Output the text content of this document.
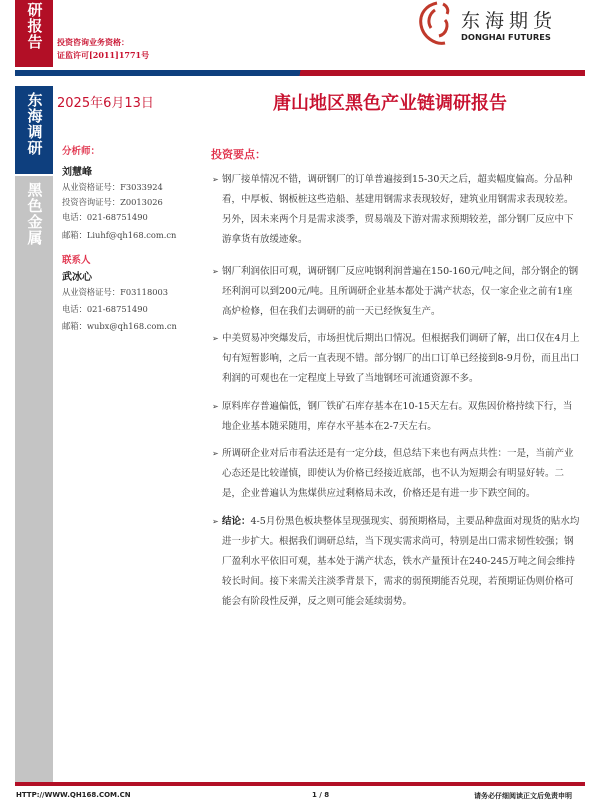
研报告
东海调研
黑色金属
投资咨询业务资格：
证监许可[2011]1771号
东海期货
DONGHAI FUTURES
2025年6月13日	唐山地区黑色产业链调研报告
分析师：
刘慧峰
从业资格证号：F3033924
投资咨询证号：Z0013026
电话：021-68751490
邮箱：Liuhf@qh168.com.cn
联系人
武冰心
从业资格证号：F03118003
电话：021-68751490
邮箱：wubx@qh168.com.cn
投资要点：
➢ 钢厂接单情况不错，调研钢厂的订单普遍接到15-30天之后，超卖幅度偏高。分品种看，中厚板、钢板桩这些造船、基建用钢需求表现较好，建筑业用钢需求表现较差。另外，因未来两个月是需求淡季，贸易端及下游对需求预期较差，部分钢厂反应中下游拿货有放缓迹象。
➢ 钢厂利润依旧可观，调研钢厂反应吨钢利润普遍在150-160元/吨之间，部分钢企的钢坯利润可以到200元/吨。且所调研企业基本都处于满产状态，仅一家企业之前有1座高炉检修，但在我们去调研的前一天已经恢复生产。
➢ 中美贸易冲突爆发后，市场担忧后期出口情况。但根据我们调研了解，出口仅在4月上旬有短暂影响，之后一直表现不错。部分钢厂的出口订单已经接到8-9月份，而且出口利润的可观也在一定程度上导致了当地钢坯可流通资源不多。
➢ 原料库存普遍偏低，钢厂铁矿石库存基本在10-15天左右。双焦因价格持续下行，当地企业基本随采随用，库存水平基本在2-7天左右。
➢ 所调研企业对后市看法还是有一定分歧，但总结下来也有两点共性：一是，当前产业心态还是比较谨慎，即使认为价格已经接近底部，也不认为短期会有明显好转。二是，企业普遍认为焦煤供应过剩格局未改，价格还是有进一步下跌空间的。
➢ 结论：4-5月份黑色板块整体呈现强现实、弱预期格局，主要品种盘面对现货的贴水均进一步扩大。根据我们调研总结，当下现实需求尚可，特别是出口需求韧性较强；钢厂盈利水平依旧可观，基本处于满产状态，铁水产量预计在240-245万吨之间会维持较长时间。接下来需关注淡季背景下，需求的弱预期能否兑现，若预期证伪则价格可能会有阶段性反弹，反之则可能会延续弱势。
HTTP://WWW.QH168.COM.CN	1 / 8	请务必仔细阅读正文后免责申明
